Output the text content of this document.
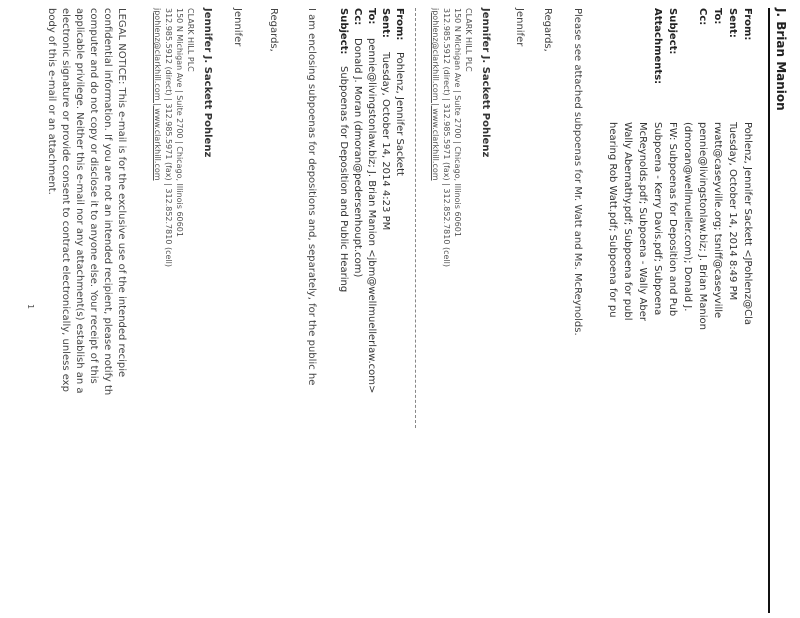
J. Brian Manion
From:
Sent:
To:
Cc:
Subject:
Attachments:
Pohlenz, Jennifer Sackett <JPohlenz@Cla
Tuesday, October 14, 2014 8:49 PM
rwatt@caseyville.org; tsniff@caseyville
pennie@livingstonlaw.biz; J. Brian Manion
(dmoran@wellmueller.com); Donald J.
FW: Subpoenas for Deposition and Pub
Subpoena - Kerry Davis.pdf; Subpoena
McReynolds.pdf; Subpoena - Wally Aber
Wally Abernathy.pdf; Subpoena for publ
hearing Rob Watt.pdf; Subpoena for pu
Please see attached subpoenas for Mr. Watt and Ms. McReynolds.
Regards,
Jennifer
Jennifer J. Sackett Pohlenz
CLARK HILL PLC
150 N Michigan Ave | Suite 2700 | Chicago, Illinois 60601
312.985.5912 (direct) | 312.985.5971 (fax) | 312.852.7810 (cell)
jpohlenz@clarkhill.com | www.clarkhill.com
From:
Pohlenz, Jennifer Sackett
Sent:
Tuesday, October 14, 2014 4:23 PM
To:
pennie@livingstonlaw.biz; J. Brian Manion <jbm@wellmuellerlaw.com>
Cc:
Donald J. Moran (dmoran@pedersenhoupt.com)
Subject:
Subpoenas for Deposition and Public Hearing
I am enclosing subpoenas for depositions and, separately, for the public he
Regards,
Jennifer
Jennifer J. Sackett Pohlenz
CLARK HILL PLC
150 N Michigan Ave | Suite 2700 | Chicago, Illinois 60601
312.985.5912 (direct) | 312.985.5971 (fax) | 312.852.7810 (cell)
jpohlenz@clarkhill.com | www.clarkhill.com
LEGAL NOTICE: This e-mail is for the exclusive use of the intended recipie
confidential information. If you are not an intended recipient, please notify th
computer and do not copy or disclose it to anyone else. Your receipt of this
applicable privilege. Neither this e-mail nor any attachment(s) establish an a
electronic signature or provide consent to contract electronically, unless exp
body of this e-mail or an attachment.
1
